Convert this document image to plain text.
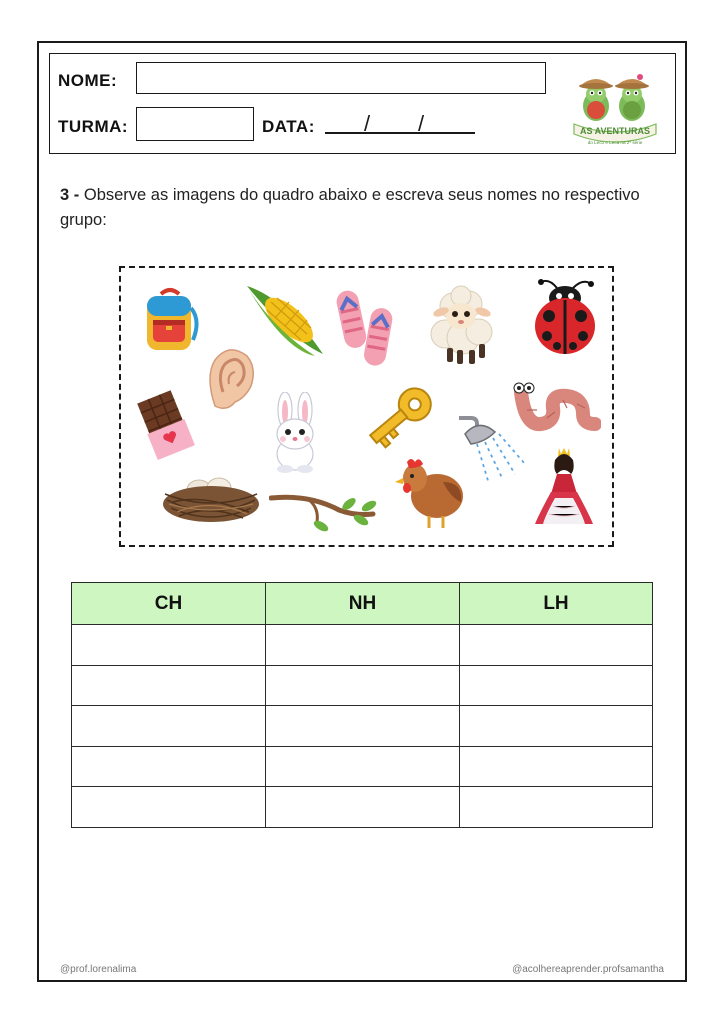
NOME:
TURMA:	DATA: / /	AS AVENTURAS
do Leco e Leca na 2ª série

3 - Observe as imagens do quadro abaixo e escreva seus nomes no respectivo grupo:

CH	NH	LH

@prof.lorenalima	@acolhereaprender.profsamantha
